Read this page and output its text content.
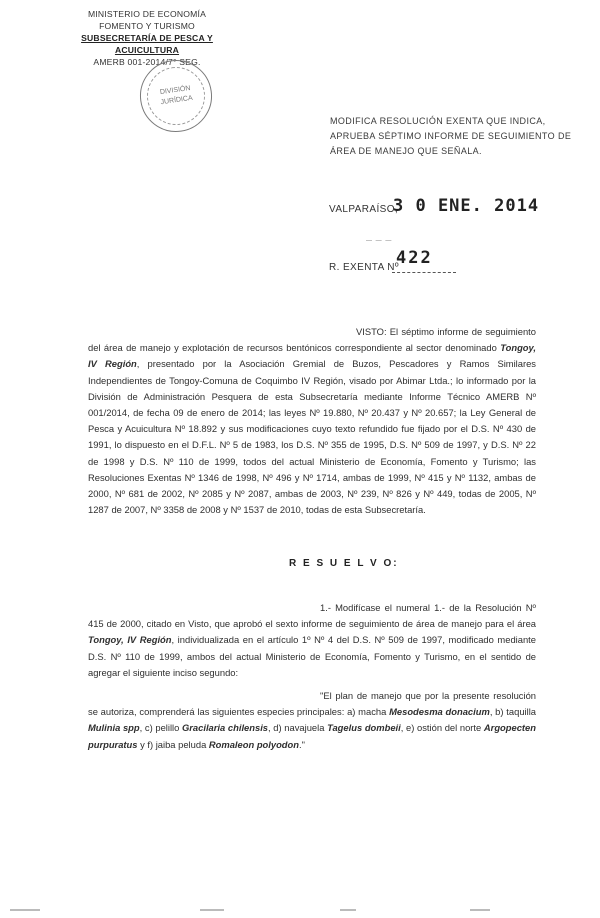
MINISTERIO DE ECONOMÍA
FOMENTO Y TURISMO
SUBSECRETARÍA DE PESCA Y ACUICULTURA
AMERB 001-2014/7° SEG.
DIVISIÓN
JURÍDICA
MODIFICA RESOLUCIÓN EXENTA QUE INDICA, APRUEBA SÉPTIMO INFORME DE SEGUIMIENTO DE ÁREA DE MANEJO QUE SEÑALA.
VALPARAÍSO,
3 0 ENE. 2014
— — —
R. EXENTA Nº
422
VISTO: El séptimo informe de seguimiento del área de manejo y explotación de recursos bentónicos correspondiente al sector denominado Tongoy, IV Región, presentado por la Asociación Gremial de Buzos, Pescadores y Ramos Similares Independientes de Tongoy-Comuna de Coquimbo IV Región, visado por Abimar Ltda.; lo informado por la División de Administración Pesquera de esta Subsecretaría mediante Informe Técnico AMERB Nº 001/2014, de fecha 09 de enero de 2014; las leyes Nº 19.880, Nº 20.437 y Nº 20.657; la Ley General de Pesca y Acuicultura Nº 18.892 y sus modificaciones cuyo texto refundido fue fijado por el D.S. Nº 430 de 1991, lo dispuesto en el D.F.L. Nº 5 de 1983, los D.S. Nº 355 de 1995, D.S. Nº 509 de 1997, y D.S. Nº 22 de 1998 y D.S. Nº 110 de 1999, todos del actual Ministerio de Economía, Fomento y Turismo; las Resoluciones Exentas Nº 1346 de 1998, Nº 496 y Nº 1714, ambas de 1999, Nº 415 y Nº 1132, ambas de 2000, Nº 681 de 2002, Nº 2085 y Nº 2087, ambas de 2003, Nº 239, Nº 826 y Nº 449, todas de 2005, Nº 1287 de 2007, Nº 3358 de 2008 y Nº 1537 de 2010, todas de esta Subsecretaría.
R E S U E L V O:
1.- Modifícase el numeral 1.- de la Resolución Nº 415 de 2000, citado en Visto, que aprobó el sexto informe de seguimiento de área de manejo para el área Tongoy, IV Región, individualizada en el artículo 1º Nº 4 del D.S. Nº 509 de 1997, modificado mediante D.S. Nº 110 de 1999, ambos del actual Ministerio de Economía, Fomento y Turismo, en el sentido de agregar el siguiente inciso segundo:
"El plan de manejo que por la presente resolución se autoriza, comprenderá las siguientes especies principales: a) macha Mesodesma donacium, b) taquilla Mulinia spp, c) pelillo Gracilaria chilensis, d) navajuela Tagelus dombeii, e) ostión del norte Argopecten purpuratus y f) jaiba peluda Romaleon polyodon."
